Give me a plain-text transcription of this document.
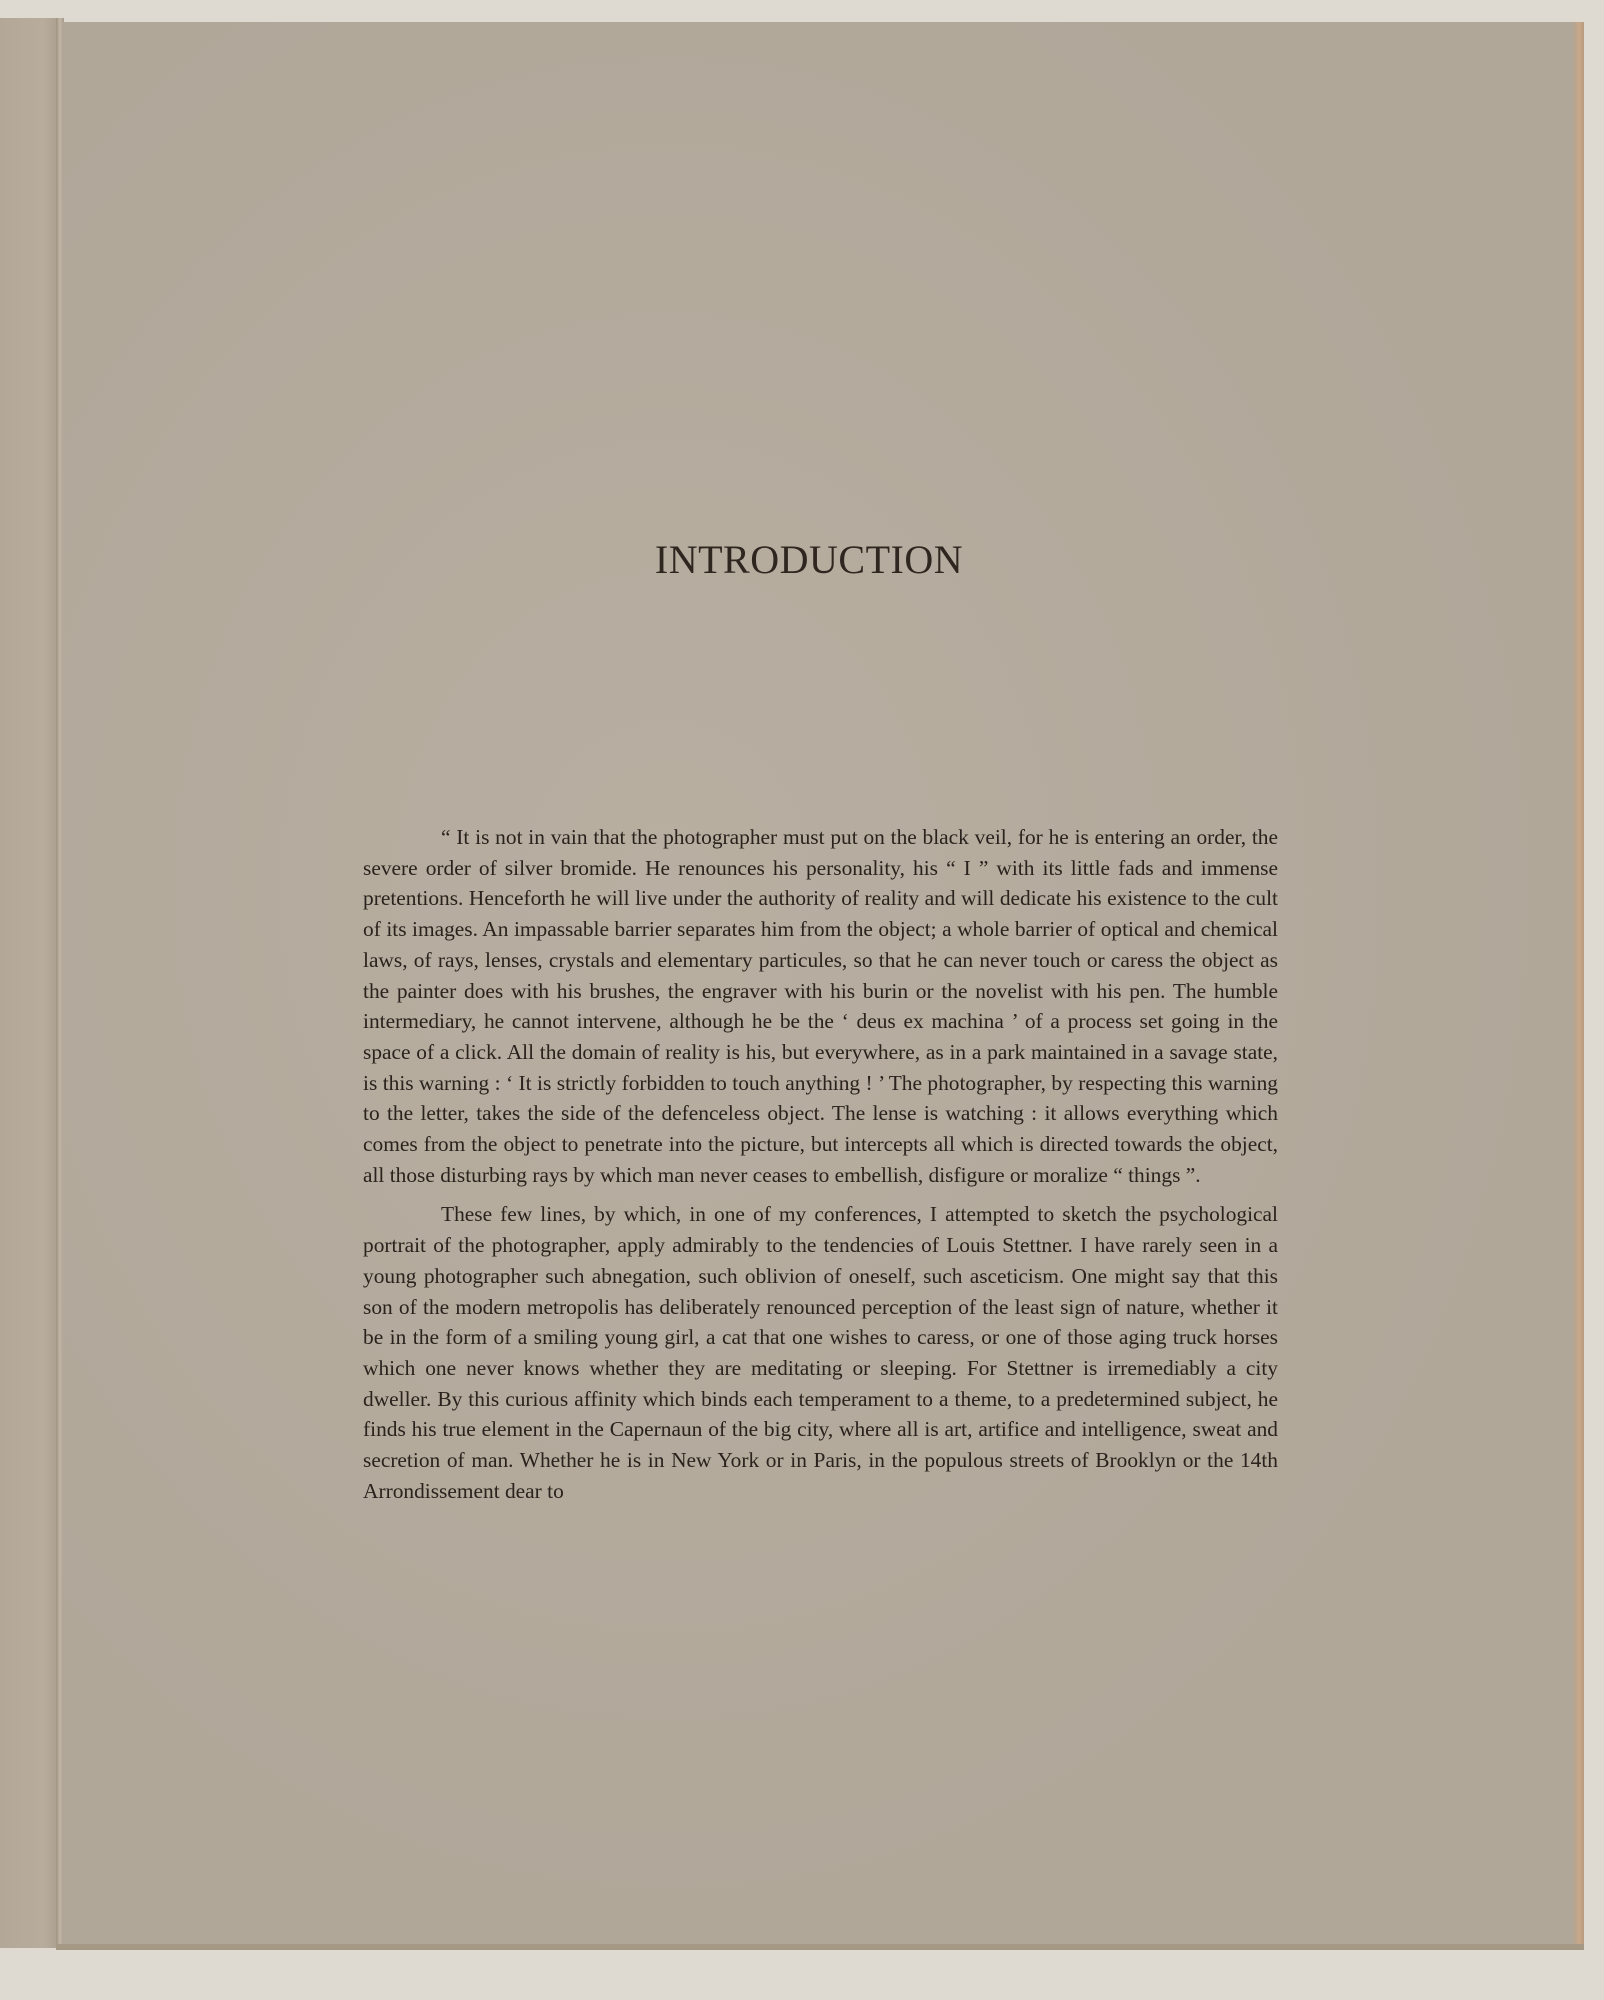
INTRODUCTION

“ It is not in vain that the photographer must put on the black veil, for he is entering an order, the severe order of silver bromide. He renounces his personality, his “ I ” with its little fads and immense pretentions. Henceforth he will live under the authority of reality and will dedicate his existence to the cult of its images. An impassable barrier separates him from the object; a whole barrier of optical and chemical laws, of rays, lenses, crystals and elementary particules, so that he can never touch or caress the object as the painter does with his brushes, the engraver with his burin or the novelist with his pen. The humble intermediary, he cannot intervene, although he be the ‘ deus ex machina ’ of a process set going in the space of a click. All the domain of reality is his, but everywhere, as in a park maintained in a savage state, is this warning : ‘ It is strictly forbidden to touch anything ! ’ The photographer, by respecting this warning to the letter, takes the side of the defenceless object. The lense is watching : it allows everything which comes from the object to penetrate into the picture, but intercepts all which is directed towards the object, all those disturbing rays by which man never ceases to embellish, disfigure or moralize “ things ”.

These few lines, by which, in one of my conferences, I attempted to sketch the psychological portrait of the photographer, apply admirably to the tendencies of Louis Stettner. I have rarely seen in a young photographer such abnegation, such oblivion of oneself, such asceticism. One might say that this son of the modern metropolis has deliberately renounced perception of the least sign of nature, whether it be in the form of a smiling young girl, a cat that one wishes to caress, or one of those aging truck horses which one never knows whether they are meditating or sleeping. For Stettner is irremediably a city dweller. By this curious affinity which binds each temperament to a theme, to a predetermined subject, he finds his true element in the Capernaun of the big city, where all is art, artifice and intelligence, sweat and secretion of man. Whether he is in New York or in Paris, in the populous streets of Brooklyn or the 14th Arrondissement dear to
